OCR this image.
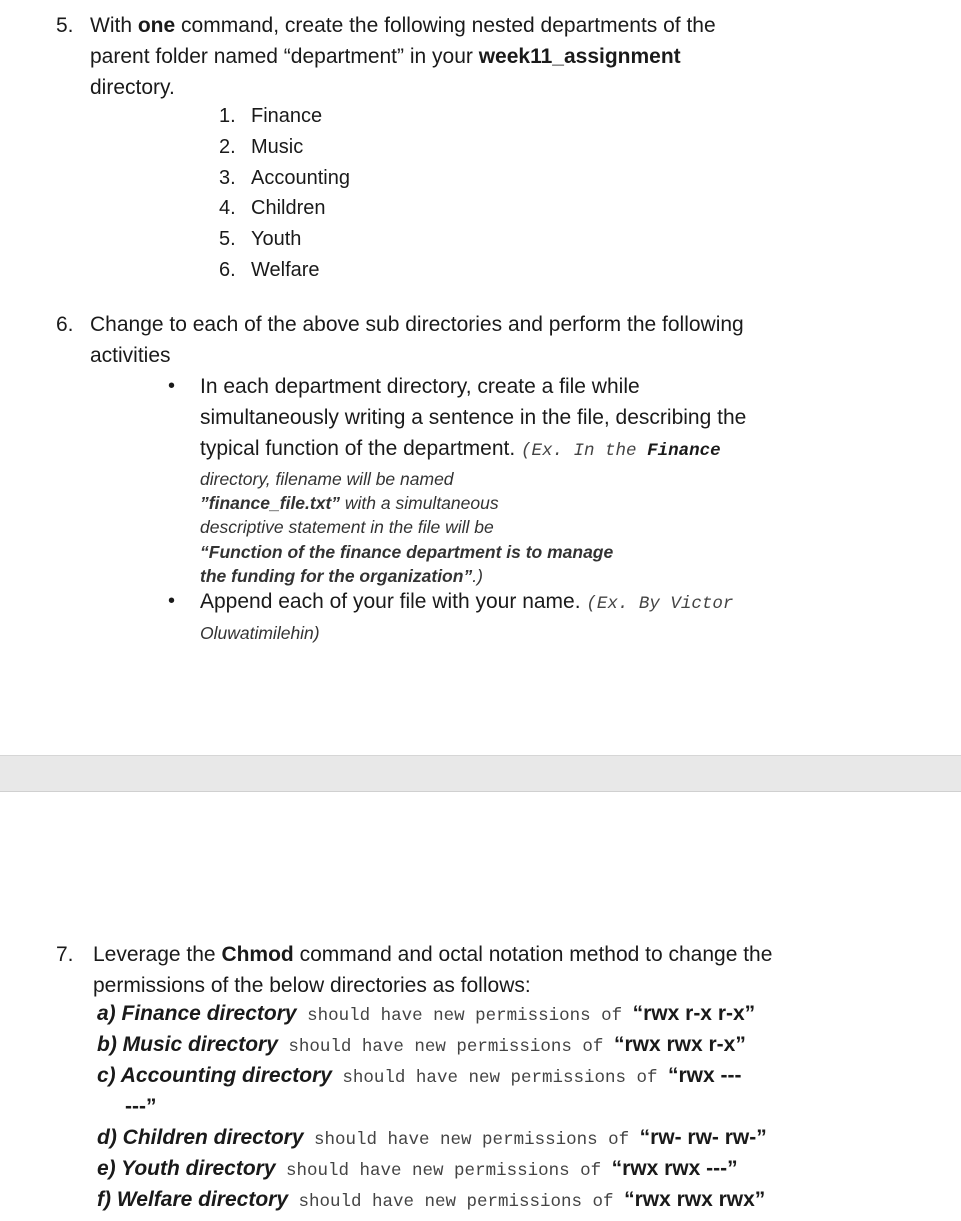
5. With one command, create the following nested departments of the
parent folder named “department” in your week11_assignment
directory.
1. Finance
2. Music
3. Accounting
4. Children
5. Youth
6. Welfare
6. Change to each of the above sub directories and perform the following
activities
• In each department directory, create a file while
simultaneously writing a sentence in the file, describing the
typical function of the department. (Ex. In the Finance
directory, filename will be named
”finance_file.txt” with a simultaneous
descriptive statement in the file will be
“Function of the finance department is to manage
the funding for the organization”.)
• Append each of your file with your name. (Ex. By Victor
Oluwatimilehin)
7. Leverage the Chmod command and octal notation method to change the
permissions of the below directories as follows:
a) Finance directory should have new permissions of “rwx r-x r-x”
b) Music directory should have new permissions of “rwx rwx r-x”
c) Accounting directory should have new permissions of “rwx ---
---”
d) Children directory should have new permissions of “rw- rw- rw-”
e) Youth directory should have new permissions of “rwx rwx ---”
f) Welfare directory should have new permissions of “rwx rwx rwx”
